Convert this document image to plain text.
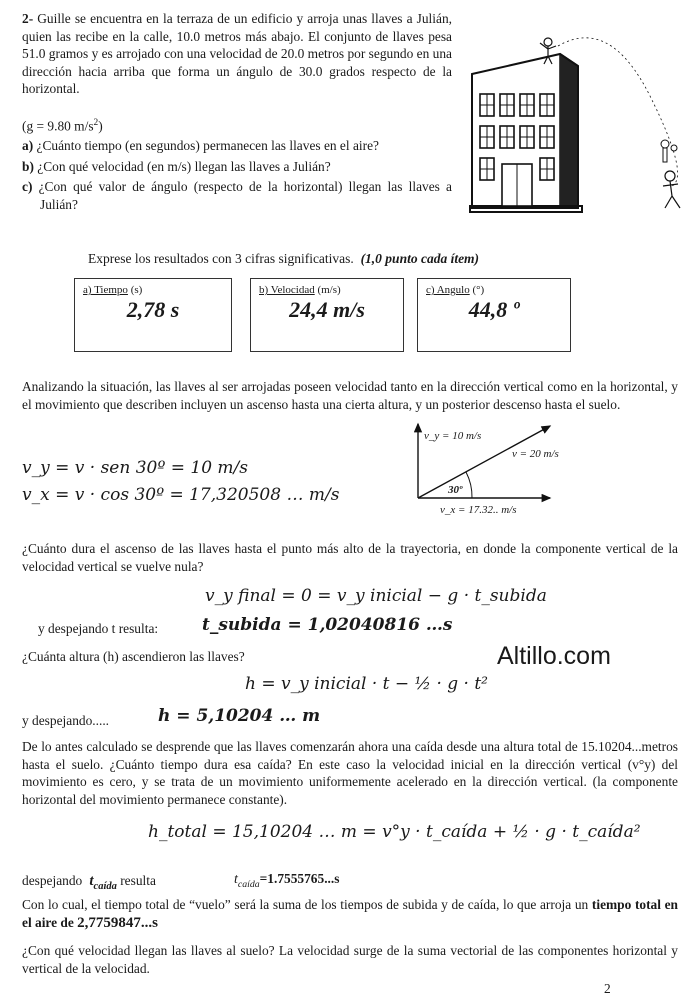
2- Guille se encuentra en la terraza de un edificio y arroja unas llaves a Julián, quien las recibe en la calle, 10.0 metros más abajo. El conjunto de llaves pesa 51.0 gramos y es arrojado con una velocidad de 20.0 metros por segundo en una dirección hacia arriba que forma un ángulo de 30.0 grados respecto de la horizontal.
(g = 9.80 $m/s^2$)
a) ¿Cuánto tiempo (en segundos) permanecen las llaves en el aire?
b) ¿Con qué velocidad (en m/s) llegan las llaves a Julián?
c) ¿Con qué valor de ángulo (respecto de la horizontal) llegan las llaves a Julián?
Exprese los resultados con 3 cifras significativas. (1,0 punto cada ítem)
a) Tiempo (s)
2,78 s
b) Velocidad (m/s)
24,4 m/s
c) Angulo (°)
44,8 º
Analizando la situación, las llaves al ser arrojadas poseen velocidad tanto en la dirección vertical como en la horizontal, y el movimiento que describen incluyen un ascenso hasta una cierta altura, y un posterior descenso hasta el suelo.
v_y = v · sen 30º = 10 m/s
v_x = v · cos 30º = 17,320508 … m/s
v_y = 10 m/s
v = 20 m/s
30º
v_x = 17.32.. m/s
¿Cuánto dura el ascenso de las llaves hasta el punto más alto de la trayectoria, en donde la componente vertical de la velocidad vertical se vuelve nula?
v_y final = 0 = v_y inicial − g · t_subida
y despejando t resulta:	t_subida = 1,02040816 …s
¿Cuánta altura (h) ascendieron las llaves?	Altillo.com
h = v_y inicial · t − ½ · g · t²
y despejando.....	h = 5,10204 … m
De lo antes calculado se desprende que las llaves comenzarán ahora una caída desde una altura total de 15.10204...metros hasta el suelo. ¿Cuánto tiempo dura esa caída? En este caso la velocidad inicial en la dirección vertical (v°y) del movimiento es cero, y se trata de un movimiento uniformemente acelerado en la dirección vertical. (la componente horizontal del movimiento permanece constante).
h_total = 15,10204 … m = v°y · t_caída + ½ · g · t_caída²
despejando  $t_{caída}$ resulta	$t_{caída}=1.7555765...s$
Con lo cual, el tiempo total de “vuelo” será la suma de los tiempos de subida y de caída, lo que arroja un tiempo total en el aire de 2,7759847...s
¿Con qué velocidad llegan las llaves al suelo? La velocidad surge de la suma vectorial de las componentes horizontal y vertical de la velocidad.
2
